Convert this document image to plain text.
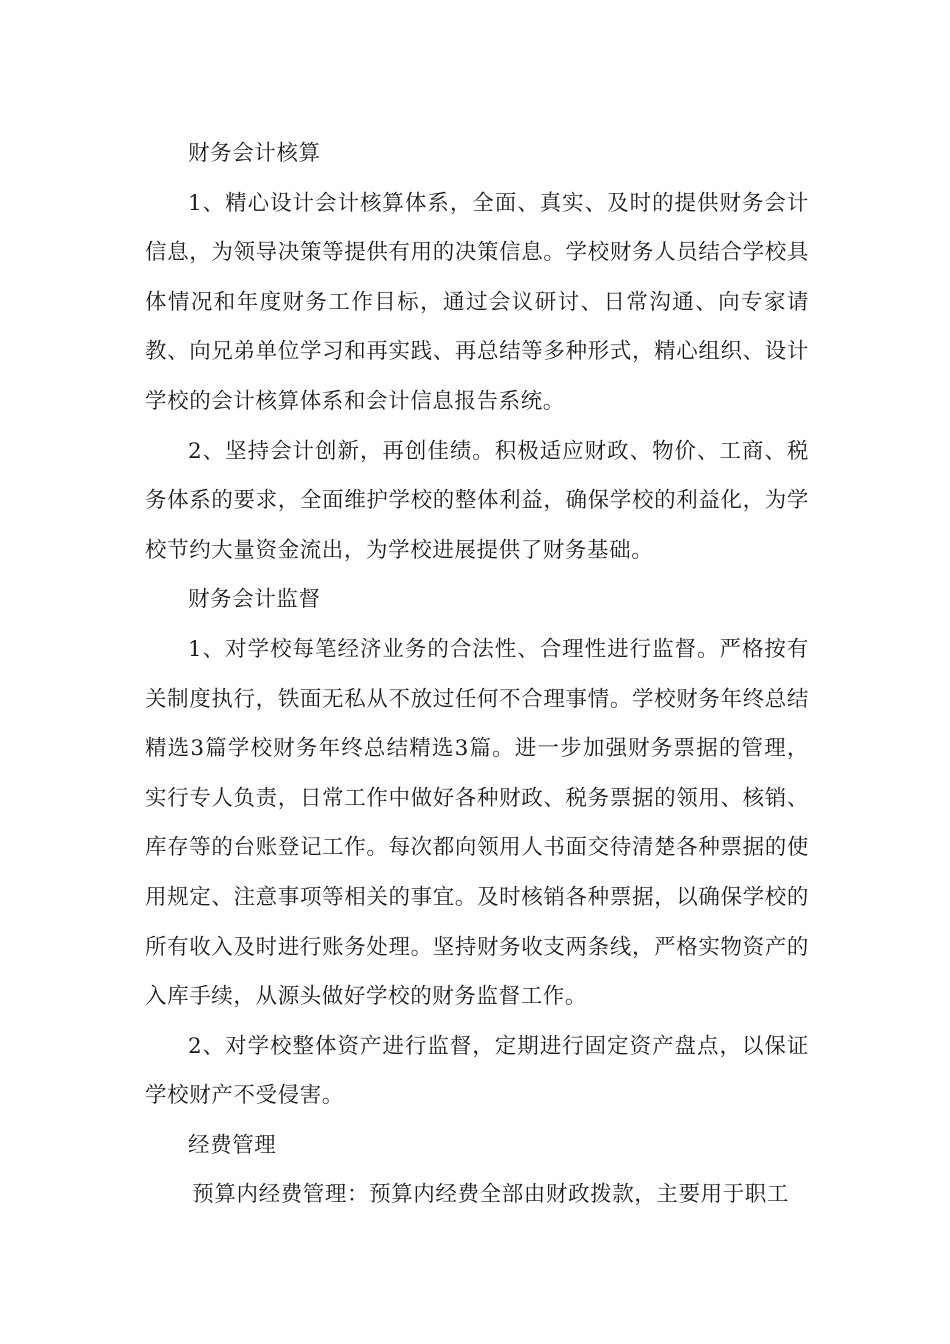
财务会计核算

1、精心设计会计核算体系，全面、真实、及时的提供财务会计信息，为领导决策等提供有用的决策信息。学校财务人员结合学校具体情况和年度财务工作目标，通过会议研讨、日常沟通、向专家请教、向兄弟单位学习和再实践、再总结等多种形式，精心组织、设计学校的会计核算体系和会计信息报告系统。

2、坚持会计创新，再创佳绩。积极适应财政、物价、工商、税务体系的要求，全面维护学校的整体利益，确保学校的利益化，为学校节约大量资金流出，为学校进展提供了财务基础。

财务会计监督

1、对学校每笔经济业务的合法性、合理性进行监督。严格按有关制度执行，铁面无私从不放过任何不合理事情。学校财务年终总结精选3篇学校财务年终总结精选3篇。进一步加强财务票据的管理，实行专人负责，日常工作中做好各种财政、税务票据的领用、核销、库存等的台账登记工作。每次都向领用人书面交待清楚各种票据的使用规定、注意事项等相关的事宜。及时核销各种票据，以确保学校的所有收入及时进行账务处理。坚持财务收支两条线，严格实物资产的入库手续，从源头做好学校的财务监督工作。

2、对学校整体资产进行监督，定期进行固定资产盘点，以保证学校财产不受侵害。

经费管理

预算内经费管理：预算内经费全部由财政拨款，主要用于职工
